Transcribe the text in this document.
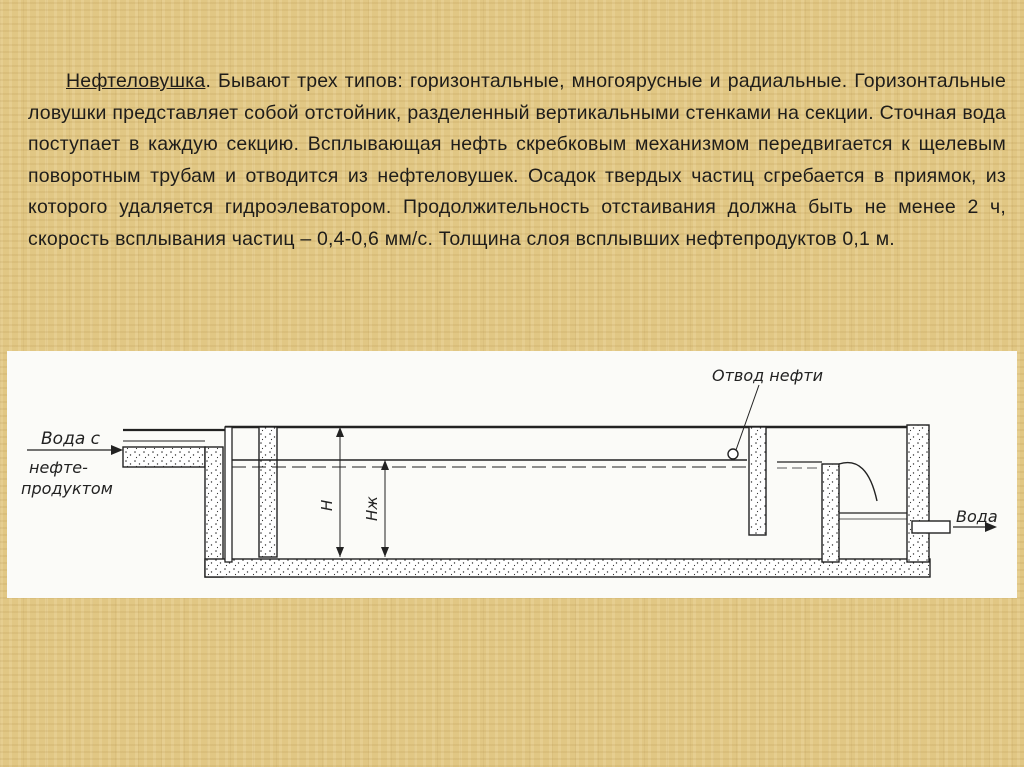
Нефтеловушка. Бывают трех типов: горизонтальные, многоярусные и радиальные. Горизонтальные ловушки представляет собой отстойник, разделенный вертикальными стенками на секции. Сточная вода поступает в каждую секцию. Всплывающая нефть скребковым механизмом передвигается к щелевым поворотным трубам и отводится из нефтеловушек. Осадок твердых частиц сгребается в приямок, из которого удаляется гидроэлеватором. Продолжительность отстаивания должна быть не менее 2 ч, скорость всплывания частиц – 0,4-0,6 мм/с. Толщина слоя всплывших нефтепродуктов 0,1 м.
H Hж
Отвод нефти
Вода с
нефте-
продуктом
Вода
